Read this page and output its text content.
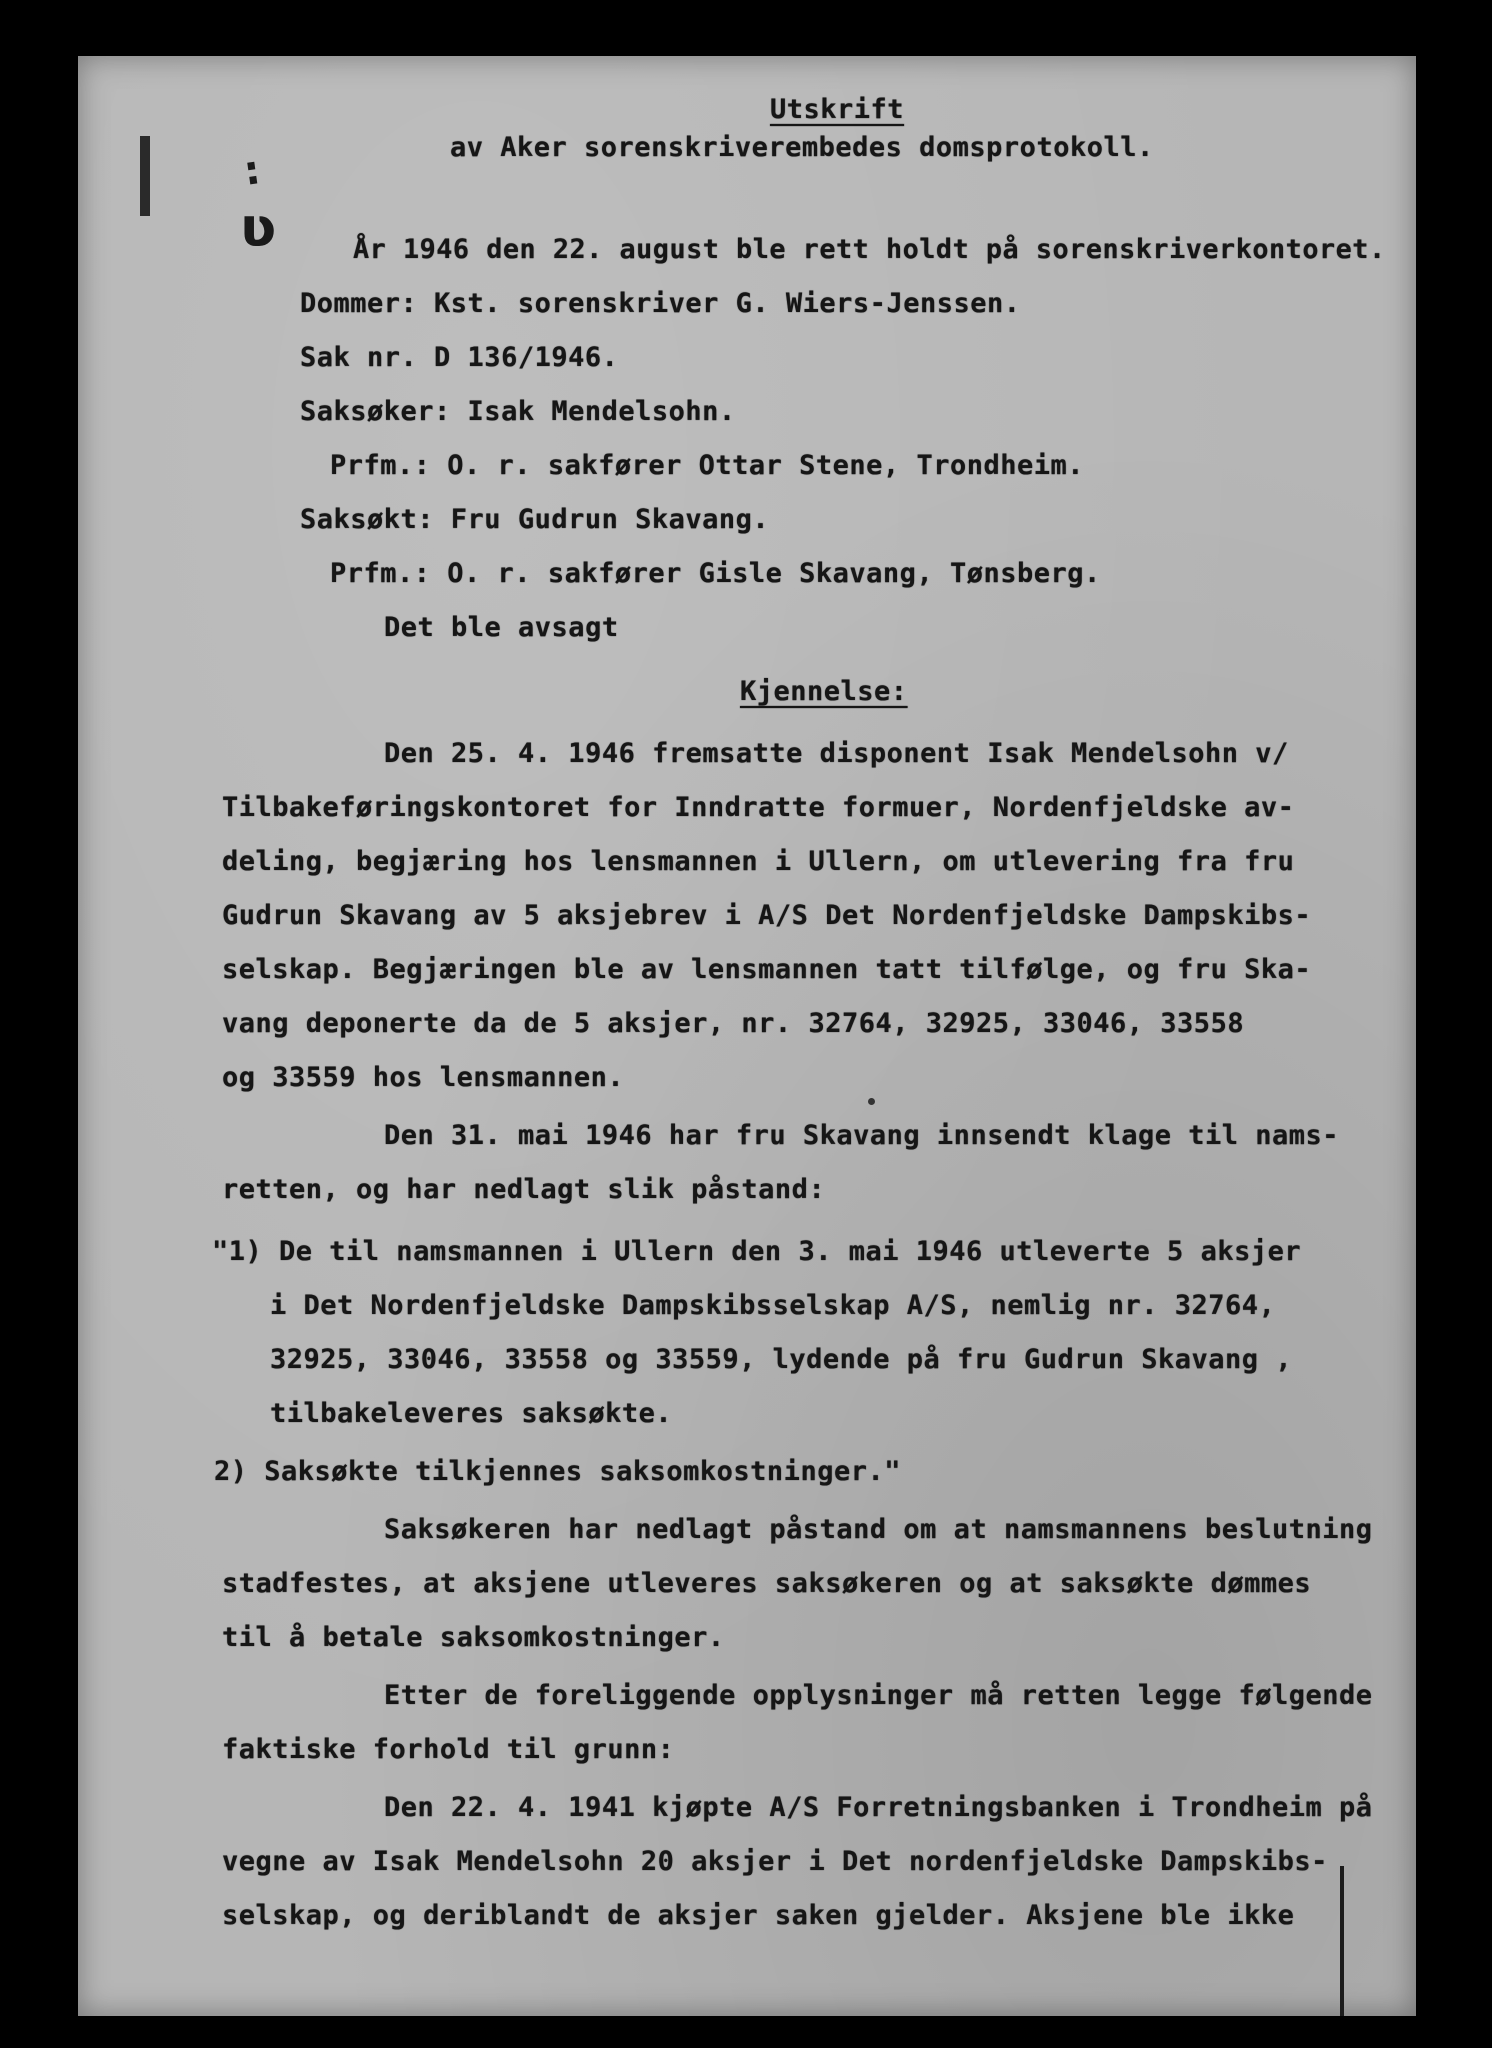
:
ʋ
Utskrift
av Aker sorenskriverembedes domsprotokoll.
År 1946 den 22. august ble rett holdt på sorenskriverkontoret.
Dommer: Kst. sorenskriver G. Wiers-Jenssen.
Sak nr. D 136/1946.
Saksøker: Isak Mendelsohn.
Prfm.: O. r. sakfører Ottar Stene, Trondheim.
Saksøkt: Fru Gudrun Skavang.
Prfm.: O. r. sakfører Gisle Skavang, Tønsberg.
Det ble avsagt
Kjennelse:
Den 25. 4. 1946 fremsatte disponent Isak Mendelsohn v/
Tilbakeføringskontoret for Inndratte formuer, Nordenfjeldske av-
deling, begjæring hos lensmannen i Ullern, om utlevering fra fru
Gudrun Skavang av 5 aksjebrev i A/S Det Nordenfjeldske Dampskibs-
selskap. Begjæringen ble av lensmannen tatt tilfølge, og fru Ska-
vang deponerte da de 5 aksjer, nr. 32764, 32925, 33046, 33558
og 33559 hos lensmannen.
Den 31. mai 1946 har fru Skavang innsendt klage til nams-
retten, og har nedlagt slik påstand:
"1) De til namsmannen i Ullern den 3. mai 1946 utleverte 5 aksjer
i Det Nordenfjeldske Dampskibsselskap A/S, nemlig nr. 32764,
32925, 33046, 33558 og 33559, lydende på fru Gudrun Skavang ,
tilbakeleveres saksøkte.
2) Saksøkte tilkjennes saksomkostninger."
Saksøkeren har nedlagt påstand om at namsmannens beslutning
stadfestes, at aksjene utleveres saksøkeren og at saksøkte dømmes
til å betale saksomkostninger.
Etter de foreliggende opplysninger må retten legge følgende
faktiske forhold til grunn:
Den 22. 4. 1941 kjøpte A/S Forretningsbanken i Trondheim på
vegne av Isak Mendelsohn 20 aksjer i Det nordenfjeldske Dampskibs-
selskap, og deriblandt de aksjer saken gjelder. Aksjene ble ikke
